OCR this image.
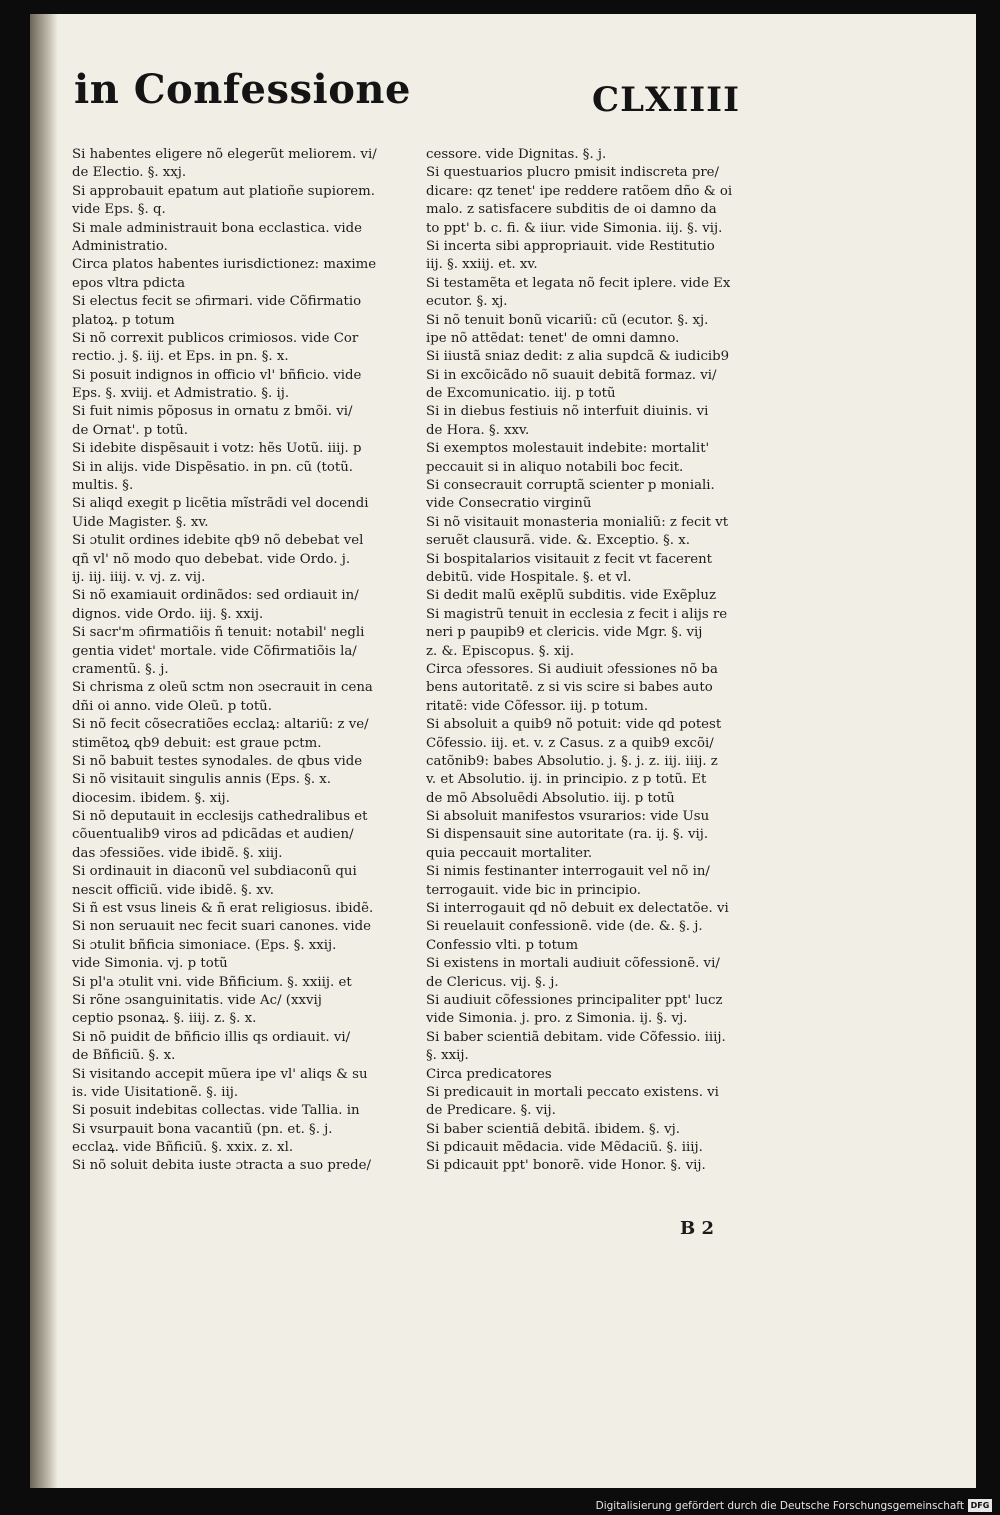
in Confessione	CLXIIII
Si habentes eligere nõ elegerũt meliorem. vi/
de Electio. §. xxj.
Si approbauit epatum aut platioñe supiorem.
vide Eps. §. q.
Si male administrauit bona ecclastica. vide
Administratio.
Circa platos habentes iurisdictionez: maxime
epos vltra pdicta
Si electus fecit se ɔfirmari. vide Cõfirmatio
platoꝝ. p totum
Si nõ correxit publicos crimiosos. vide Cor
rectio. j. §. iij. et Eps. in pn. §. x.
Si posuit indignos in officio vl' bñficio. vide
Eps. §. xviij. et Admistratio. §. ij.
Si fuit nimis põposus in ornatu z bmõi. vi/
de Ornat'. p totũ.
Si idebite dispẽsauit i votz: hẽs Uotũ. iiij. p
Si in alijs. vide Dispẽsatio. in pn. cũ (totũ.
multis. §.
Si aliqd exegit p licẽtia mĩstrãdi vel docendi
Uide Magister. §. xv.
Si ɔtulit ordines idebite qb9 nõ debebat vel
qñ vl' nõ modo quo debebat. vide Ordo. j.
ij. iij. iiij. v. vj. z. vij.
Si nõ examiauit ordinãdos: sed ordiauit in/
dignos. vide Ordo. iij. §. xxij.
Si sacr'm ɔfirmatiõis ñ tenuit: notabil' negli
gentia videt' mortale. vide Cõfirmatiõis la/
cramentũ. §. j.
Si chrisma z oleũ sctm non ɔsecrauit in cena
dñi oi anno. vide Oleũ. p totũ.
Si nõ fecit cõsecratiões ecclaꝝ: altariũ: z ve/
stimẽtoꝝ qb9 debuit: est graue pctm.
Si nõ babuit testes synodales. de qbus vide
Si nõ visitauit singulis annis (Eps. §. x.
diocesim. ibidem. §. xij.
Si nõ deputauit in ecclesijs cathedralibus et
cõuentualib9 viros ad pdicãdas et audien/
das ɔfessiões. vide ibidẽ. §. xiij.
Si ordinauit in diaconũ vel subdiaconũ qui
nescit officiũ. vide ibidẽ. §. xv.
Si ñ est vsus lineis & ñ erat religiosus. ibidẽ.
Si non seruauit nec fecit suari canones. vide
Si ɔtulit bñficia simoniace. (Eps. §. xxij.
vide Simonia. vj. p totũ
Si pl'a ɔtulit vni. vide Bñficium. §. xxiij. et
Si rõne ɔsanguinitatis. vide Ac/ (xxvij
ceptio psonaꝝ. §. iiij. z. §. x.
Si nõ puidit de bñficio illis qs ordiauit. vi/
de Bñficiũ. §. x.
Si visitando accepit mũera ipe vl' aliqs & su
is. vide Uisitationẽ. §. iij.
Si posuit indebitas collectas. vide Tallia. in
Si vsurpauit bona vacantiũ (pn. et. §. j.
ecclaꝝ. vide Bñficiũ. §. xxix. z. xl.
Si nõ soluit debita iuste ɔtracta a suo prede/
cessore. vide Dignitas. §. j.
Si questuarios plucro pmisit indiscreta pre/
dicare: qz tenet' ipe reddere ratõem dño & oi
malo. z satisfacere subditis de oi damno da
to ppt' b. c. fi. & iiur. vide Simonia. iij. §. vij.
Si incerta sibi appropriauit. vide Restitutio
iij. §. xxiij. et. xv.
Si testamẽta et legata nõ fecit iplere. vide Ex
ecutor. §. xj.
Si nõ tenuit bonũ vicariũ: cũ (ecutor. §. xj.
ipe nõ attẽdat: tenet' de omni damno.
Si iiustã sniaz dedit: z alia supdcã & iudicib9
Si in excõicãdo nõ suauit debitã formaz. vi/
de Excomunicatio. iij. p totũ
Si in diebus festiuis nõ interfuit diuinis. vi
de Hora. §. xxv.
Si exemptos molestauit indebite: mortalit'
peccauit si in aliquo notabili boc fecit.
Si consecrauit corruptã scienter p moniali.
vide Consecratio virginũ
Si nõ visitauit monasteria monialiũ: z fecit vt
seruẽt clausurã. vide. &. Exceptio. §. x.
Si bospitalarios visitauit z fecit vt facerent
debitũ. vide Hospitale. §. et vl.
Si dedit malũ exẽplũ subditis. vide Exẽpluz
Si magistrũ tenuit in ecclesia z fecit i alijs re
neri p paupib9 et clericis. vide Mgr. §. vij
z. &. Episcopus. §. xij.
Circa ɔfessores. Si audiuit ɔfessiones nõ ba
bens autoritatẽ. z si vis scire si babes auto
ritatẽ: vide Cõfessor. iij. p totum.
Si absoluit a quib9 nõ potuit: vide qd potest
Cõfessio. iij. et. v. z Casus. z a quib9 excõi/
catõnib9: babes Absolutio. j. §. j. z. iij. iiij. z
v. et Absolutio. ij. in principio. z p totũ. Et
de mõ Absoluẽdi Absolutio. iij. p totũ
Si absoluit manifestos vsurarios: vide Usu
Si dispensauit sine autoritate (ra. ij. §. vij.
quia peccauit mortaliter.
Si nimis festinanter interrogauit vel nõ in/
terrogauit. vide bic in principio.
Si interrogauit qd nõ debuit ex delectatõe. vi
Si reuelauit confessionẽ. vide (de. &. §. j.
Confessio vlti. p totum
Si existens in mortali audiuit cõfessionẽ. vi/
de Clericus. vij. §. j.
Si audiuit cõfessiones principaliter ppt' lucz
vide Simonia. j. pro. z Simonia. ij. §. vj.
Si baber scientiã debitam. vide Cõfessio. iiij.
§. xxij.
Circa predicatores
Si predicauit in mortali peccato existens. vi
de Predicare. §. vij.
Si baber scientiã debitã. ibidem. §. vj.
Si pdicauit mẽdacia. vide Mẽdaciũ. §. iiij.
Si pdicauit ppt' bonorẽ. vide Honor. §. vij.
B 2
Digitalisierung gefördert durch die Deutsche Forschungsgemeinschaft DFG
